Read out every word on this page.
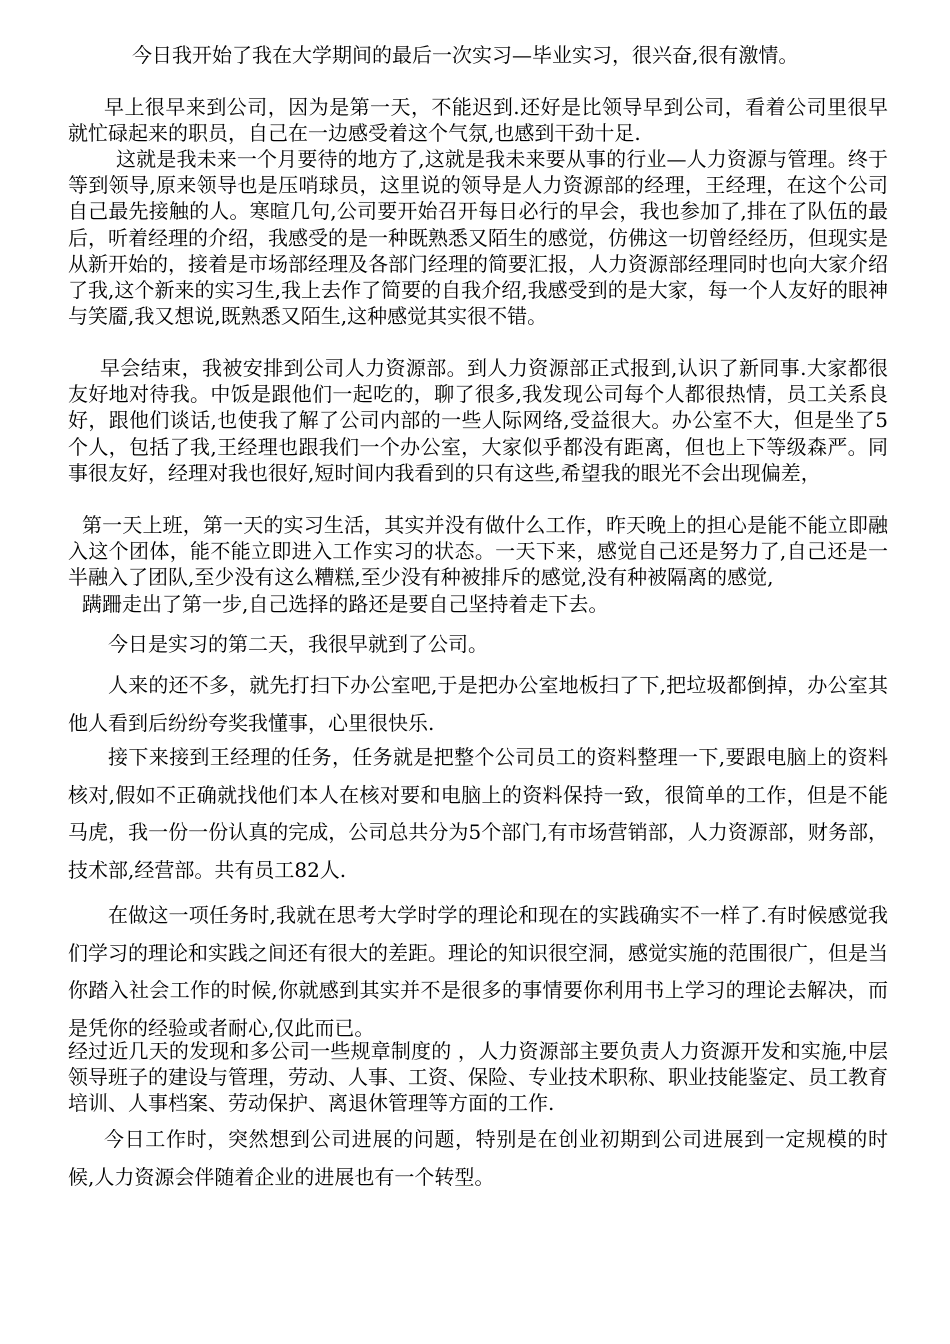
今日我开始了我在大学期间的最后一次实习—毕业实习，很兴奋,很有激情。

早上很早来到公司，因为是第一天，不能迟到.还好是比领导早到公司，看着公司里很早就忙碌起来的职员，自己在一边感受着这个气氛,也感到干劲十足.

这就是我未来一个月要待的地方了,这就是我未来要从事的行业—人力资源与管理。终于等到领导,原来领导也是压哨球员，这里说的领导是人力资源部的经理，王经理，在这个公司自己最先接触的人。寒暄几句,公司要开始召开每日必行的早会，我也参加了,排在了队伍的最后，听着经理的介绍，我感受的是一种既熟悉又陌生的感觉，仿佛这一切曾经经历，但现实是从新开始的，接着是市场部经理及各部门经理的简要汇报，人力资源部经理同时也向大家介绍了我,这个新来的实习生,我上去作了简要的自我介绍,我感受到的是大家，每一个人友好的眼神与笑靥,我又想说,既熟悉又陌生,这种感觉其实很不错。

早会结束，我被安排到公司人力资源部。到人力资源部正式报到,认识了新同事.大家都很友好地对待我。中饭是跟他们一起吃的，聊了很多,我发现公司每个人都很热情，员工关系良好，跟他们谈话,也使我了解了公司内部的一些人际网络,受益很大。办公室不大，但是坐了5个人，包括了我,王经理也跟我们一个办公室，大家似乎都没有距离，但也上下等级森严。同事很友好，经理对我也很好,短时间内我看到的只有这些,希望我的眼光不会出现偏差，

第一天上班，第一天的实习生活，其实并没有做什么工作，昨天晚上的担心是能不能立即融入这个团体，能不能立即进入工作实习的状态。一天下来，感觉自己还是努力了,自己还是一半融入了团队,至少没有这么糟糕,至少没有种被排斥的感觉,没有种被隔离的感觉,

蹒跚走出了第一步,自己选择的路还是要自己坚持着走下去。

今日是实习的第二天，我很早就到了公司。

人来的还不多，就先打扫下办公室吧,于是把办公室地板扫了下,把垃圾都倒掉，办公室其他人看到后纷纷夸奖我懂事，心里很快乐.

接下来接到王经理的任务，任务就是把整个公司员工的资料整理一下,要跟电脑上的资料核对,假如不正确就找他们本人在核对要和电脑上的资料保持一致，很简单的工作，但是不能马虎，我一份一份认真的完成，公司总共分为5个部门,有市场营销部，人力资源部，财务部，技术部,经营部。共有员工82人.

在做这一项任务时,我就在思考大学时学的理论和现在的实践确实不一样了.有时候感觉我们学习的理论和实践之间还有很大的差距。理论的知识很空洞，感觉实施的范围很广，但是当你踏入社会工作的时候,你就感到其实并不是很多的事情要你利用书上学习的理论去解决，而是凭你的经验或者耐心,仅此而已。

经过近几天的发现和多公司一些规章制度的 ，人力资源部主要负责人力资源开发和实施,中层领导班子的建设与管理，劳动、人事、工资、保险、专业技术职称、职业技能鉴定、员工教育培训、人事档案、劳动保护、离退休管理等方面的工作.

今日工作时，突然想到公司进展的问题，特别是在创业初期到公司进展到一定规模的时候,人力资源会伴随着企业的进展也有一个转型。
